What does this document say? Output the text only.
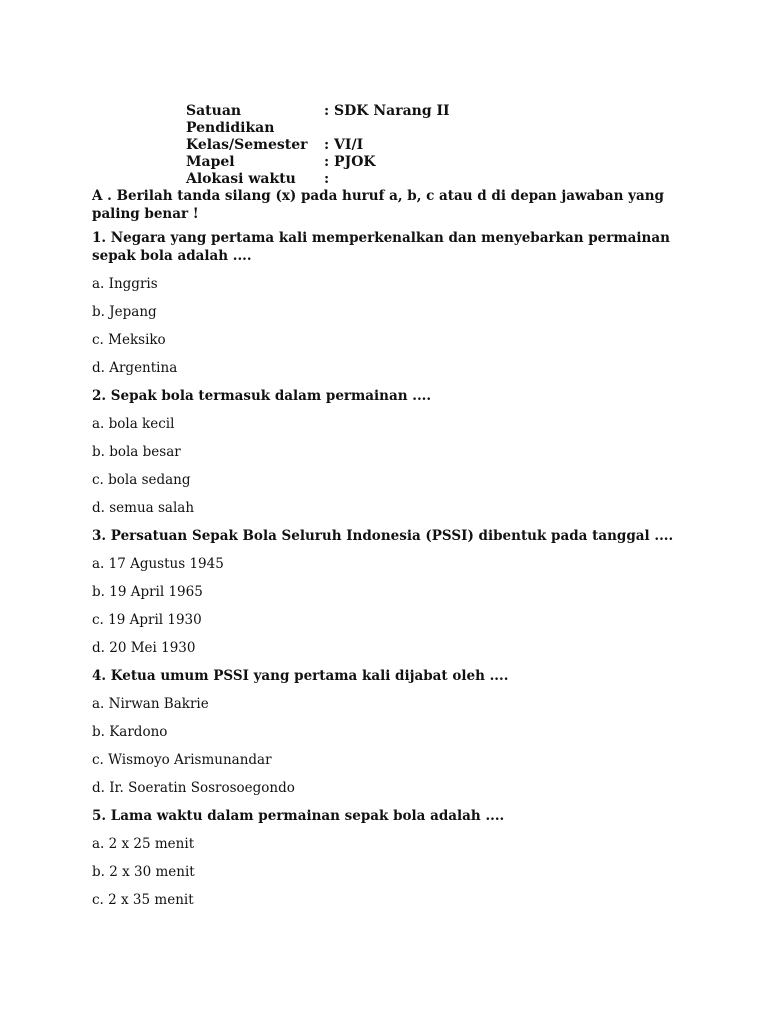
Satuan Pendidikan
: SDK Narang II
Kelas/Semester	: VI/I
Mapel	: PJOK
Alokasi waktu	:

A . Berilah tanda silang (x) pada huruf a, b, c atau d di depan jawaban yang paling benar !

1. Negara yang pertama kali memperkenalkan dan menyebarkan permainan sepak bola adalah ....

a. Inggris
b. Jepang
c. Meksiko
d. Argentina

2. Sepak bola termasuk dalam permainan ....

a. bola kecil
b. bola besar
c. bola sedang
d. semua salah

3. Persatuan Sepak Bola Seluruh Indonesia (PSSI) dibentuk pada tanggal ....

a. 17 Agustus 1945
b. 19 April 1965
c. 19 April 1930
d. 20 Mei 1930

4. Ketua umum PSSI yang pertama kali dijabat oleh ....

a. Nirwan Bakrie
b. Kardono
c. Wismoyo Arismunandar
d. Ir. Soeratin Sosrosoegondo

5. Lama waktu dalam permainan sepak bola adalah ....

a. 2 x 25 menit
b. 2 x 30 menit
c. 2 x 35 menit
